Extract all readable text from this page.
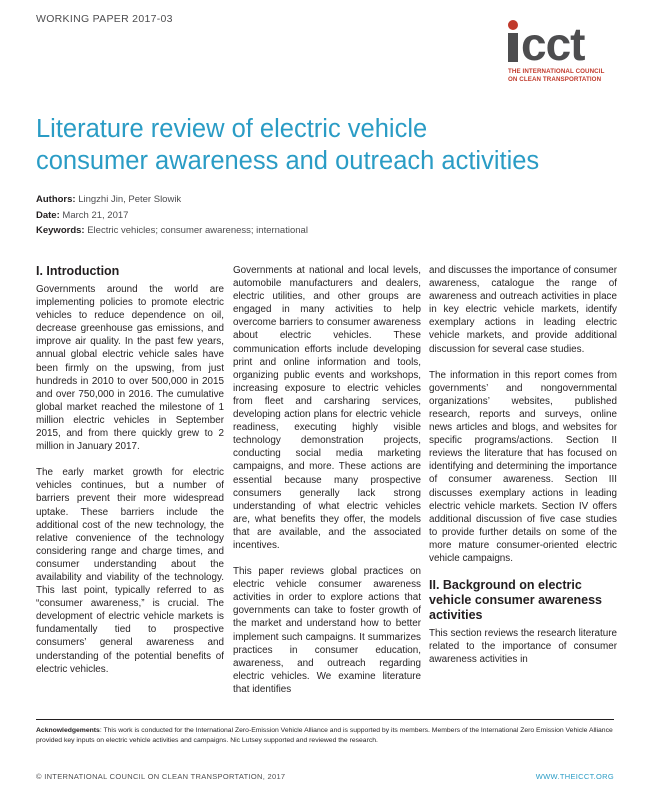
WORKING PAPER 2017-03	cct
THE INTERNATIONAL COUNCIL
ON CLEAN TRANSPORTATION
Literature review of electric vehicle
consumer awareness and outreach activities
Authors: Lingzhi Jin, Peter Slowik
Date: March 21, 2017
Keywords: Electric vehicles; consumer awareness; international
I. Introduction

Governments around the world are implementing policies to promote electric vehicles to reduce dependence on oil, decrease greenhouse gas emissions, and improve air quality. In the past few years, annual global electric vehicle sales have been firmly on the upswing, from just hundreds in 2010 to over 500,000 in 2015 and over 750,000 in 2016. The cumulative global market reached the milestone of 1 million electric vehicles in September 2015, and from there quickly grew to 2 million in January 2017.

The early market growth for electric vehicles continues, but a number of barriers prevent their more widespread uptake. These barriers include the additional cost of the new technology, the relative convenience of the technology considering range and charge times, and consumer understanding about the availability and viability of the technology. This last point, typically referred to as “consumer awareness,” is crucial. The development of electric vehicle markets is fundamentally tied to prospective consumers’ general awareness and understanding of the potential benefits of electric vehicles.

Governments at national and local levels, automobile manufacturers and dealers, electric utilities, and other groups are engaged in many activities to help overcome barriers to consumer awareness about electric vehicles. These communication efforts include developing print and online information and tools, organizing public events and workshops, increasing exposure to electric vehicles from fleet and carsharing services, developing action plans for electric vehicle readiness, executing highly visible technology demonstration projects, conducting social media marketing campaigns, and more. These actions are essential because many prospective consumers generally lack strong understanding of what electric vehicles are, what benefits they offer, the models that are available, and the associated incentives.

This paper reviews global practices on electric vehicle consumer awareness activities in order to explore actions that governments can take to foster growth of the market and understand how to better implement such campaigns. It summarizes practices in consumer education, awareness, and outreach regarding electric vehicles. We examine literature that identifies

and discusses the importance of consumer awareness, catalogue the range of awareness and outreach activities in place in key electric vehicle markets, identify exemplary actions in leading electric vehicle markets, and provide additional discussion for several case studies.

The information in this report comes from governments’ and nongovernmental organizations’ websites, published research, reports and surveys, online news articles and blogs, and websites for specific programs/actions. Section II reviews the literature that has focused on identifying and determining the importance of consumer awareness. Section III discusses exemplary actions in leading electric vehicle markets. Section IV offers additional discussion of five case studies to provide further details on some of the more mature consumer-oriented electric vehicle campaigns.

II. Background on electric vehicle consumer awareness activities

This section reviews the research literature related to the importance of consumer awareness activities in

Acknowledgements: This work is conducted for the International Zero-Emission Vehicle Alliance and is supported by its members. Members of the International Zero Emission Vehicle Alliance provided key inputs on electric vehicle activities and campaigns. Nic Lutsey supported and reviewed the research.
© INTERNATIONAL COUNCIL ON CLEAN TRANSPORTATION, 2017	WWW.THEICCT.ORG
